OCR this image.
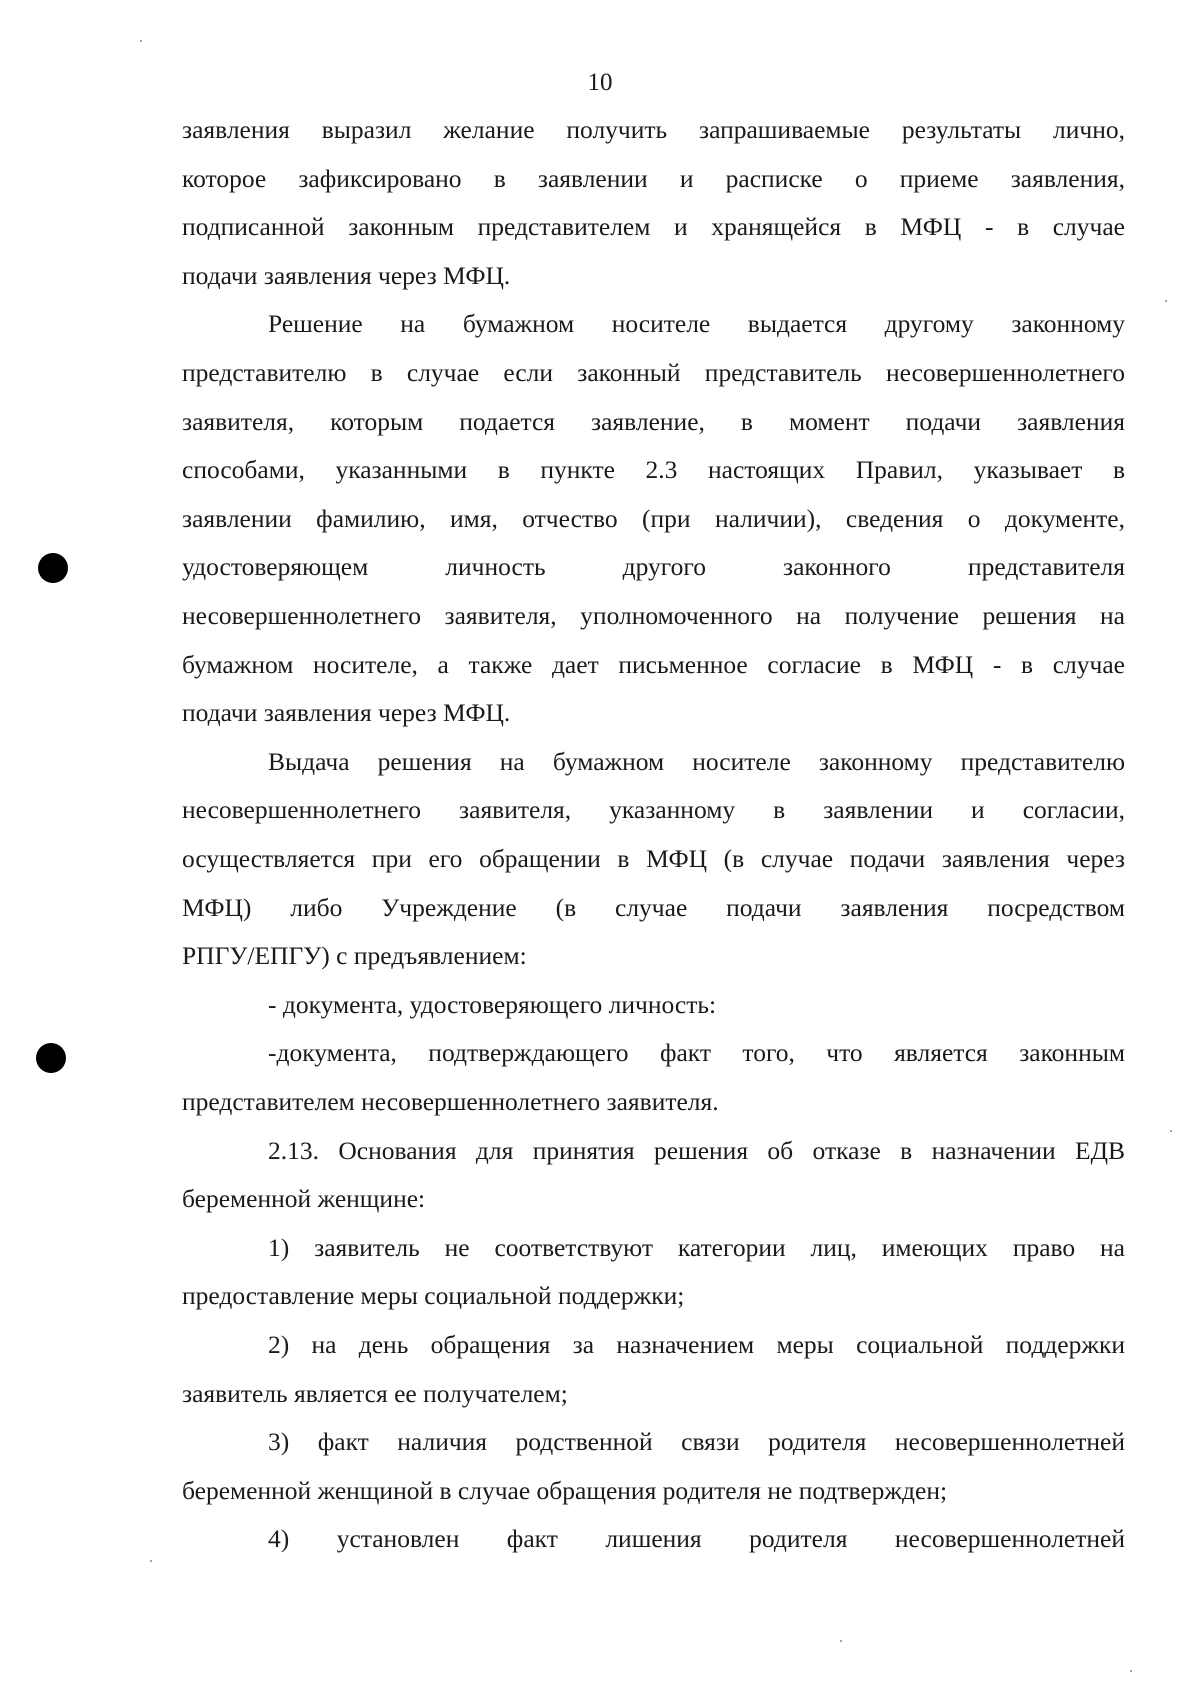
10
заявления выразил желание получить запрашиваемые результаты лично,
которое зафиксировано в заявлении и расписке о приеме заявления,
подписанной законным представителем и хранящейся в МФЦ - в случае
подачи заявления через МФЦ.
Решение на бумажном носителе выдается другому законному
представителю в случае если законный представитель несовершеннолетнего
заявителя, которым подается заявление, в момент подачи заявления
способами, указанными в пункте 2.3 настоящих Правил, указывает в
заявлении фамилию, имя, отчество (при наличии), сведения о документе,
удостоверяющем личность другого законного представителя
несовершеннолетнего заявителя, уполномоченного на получение решения на
бумажном носителе, а также дает письменное согласие в МФЦ - в случае
подачи заявления через МФЦ.
Выдача решения на бумажном носителе законному представителю
несовершеннолетнего заявителя, указанному в заявлении и согласии,
осуществляется при его обращении в МФЦ (в случае подачи заявления через
МФЦ) либо Учреждение (в случае подачи заявления посредством
РПГУ/ЕПГУ) с предъявлением:
- документа, удостоверяющего личность:
-документа, подтверждающего факт того, что является законным
представителем несовершеннолетнего заявителя.
2.13. Основания для принятия решения об отказе в назначении ЕДВ
беременной женщине:
1) заявитель не соответствуют категории лиц, имеющих право на
предоставление меры социальной поддержки;
2) на день обращения за назначением меры социальной поддержки
заявитель является ее получателем;
3) факт наличия родственной связи родителя несовершеннолетней
беременной женщиной в случае обращения родителя не подтвержден;
4) установлен факт лишения родителя несовершеннолетней
